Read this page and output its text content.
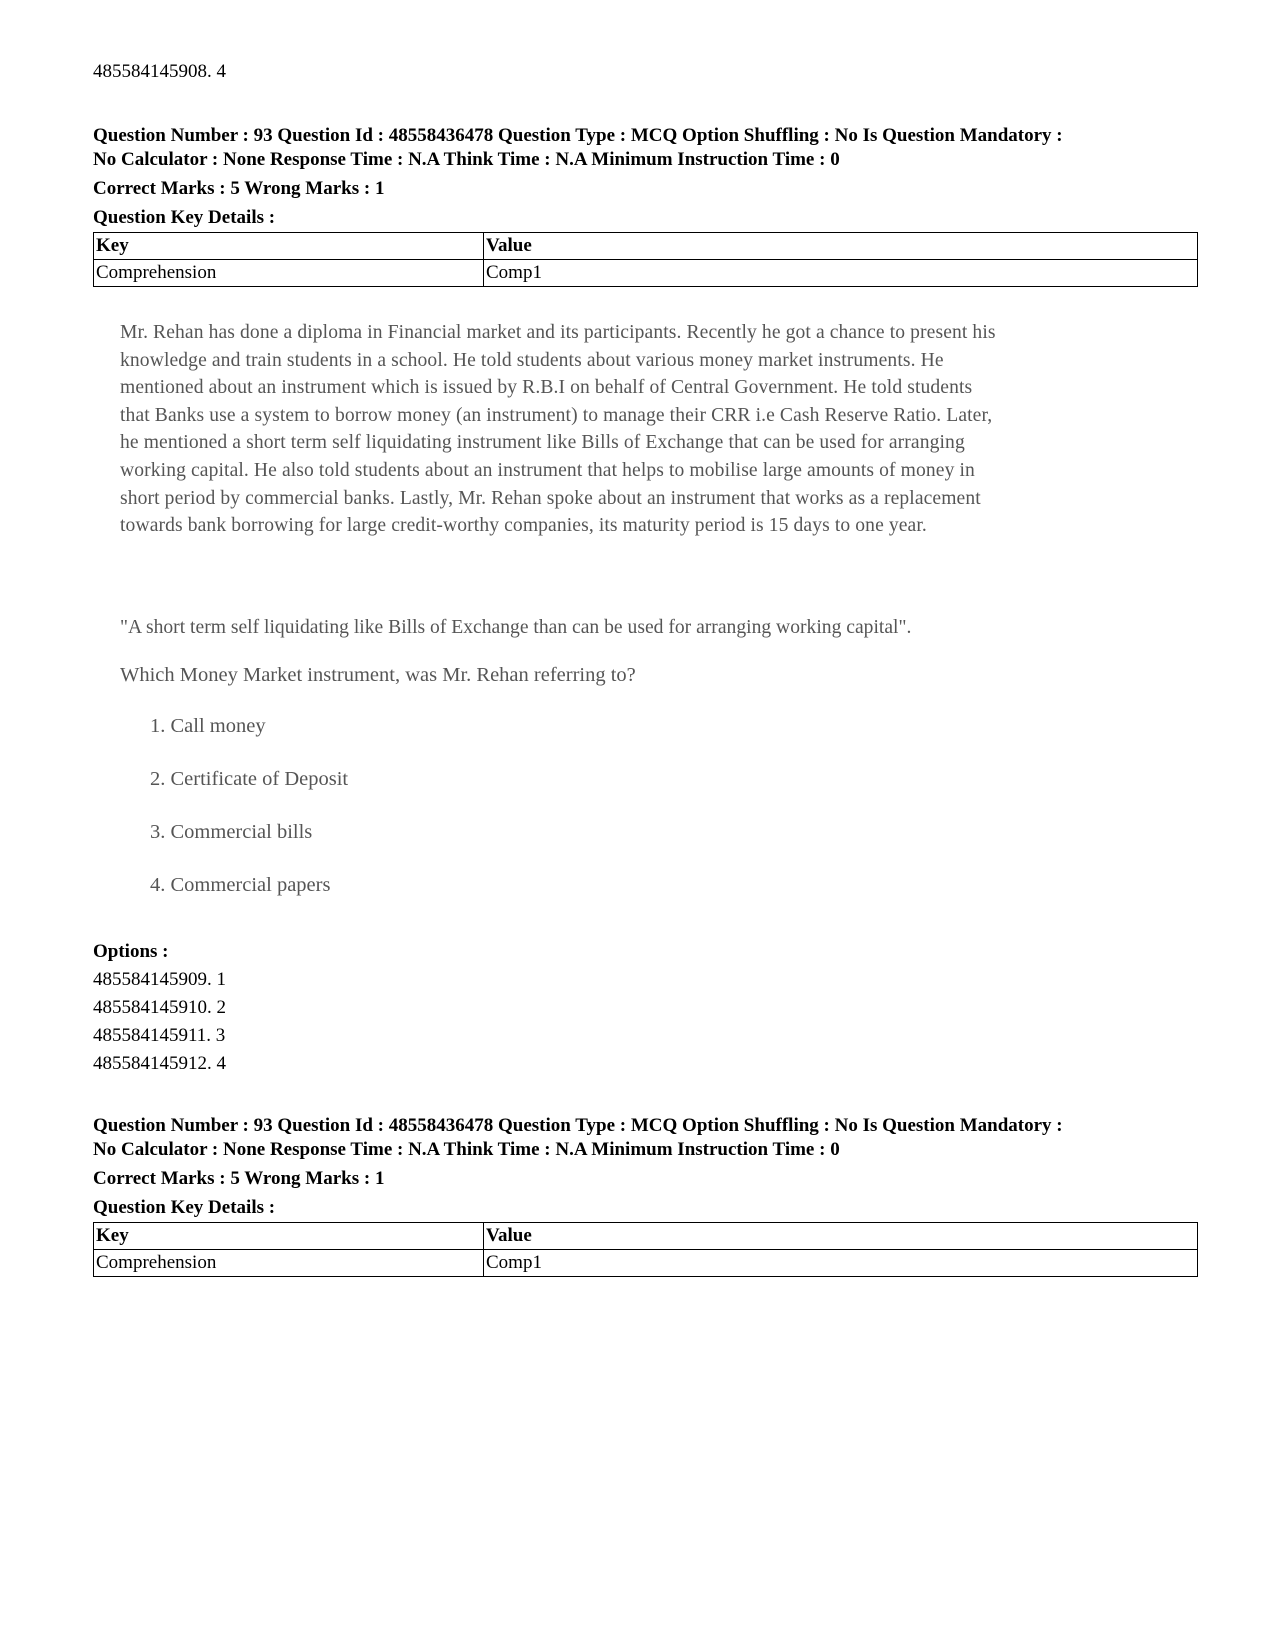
485584145908. 4

Question Number : 93 Question Id : 48558436478 Question Type : MCQ Option Shuffling : No Is Question Mandatory :
No Calculator : None Response Time : N.A Think Time : N.A Minimum Instruction Time : 0

Correct Marks : 5 Wrong Marks : 1

Question Key Details :

Key	Value
Comprehension	Comp1

Mr. Rehan has done a diploma in Financial market and its participants. Recently he got a chance to present his
knowledge and train students in a school. He told students about various money market instruments. He
mentioned about an instrument which is issued by R.B.I on behalf of Central Government. He told students
that Banks use a system to borrow money (an instrument) to manage their CRR i.e Cash Reserve Ratio. Later,
he mentioned a short term self liquidating instrument like Bills of Exchange that can be used for arranging
working capital. He also told students about an instrument that helps to mobilise large amounts of money in
short period by commercial banks. Lastly, Mr. Rehan spoke about an instrument that works as a replacement
towards bank borrowing for large credit-worthy companies, its maturity period is 15 days to one year.

"A short term self liquidating like Bills of Exchange than can be used for arranging working capital".

Which Money Market instrument, was Mr. Rehan referring to?

1. Call money
2. Certificate of Deposit
3. Commercial bills
4. Commercial papers
Options :
485584145909. 1
485584145910. 2
485584145911. 3
485584145912. 4

Question Number : 93 Question Id : 48558436478 Question Type : MCQ Option Shuffling : No Is Question Mandatory :
No Calculator : None Response Time : N.A Think Time : N.A Minimum Instruction Time : 0

Correct Marks : 5 Wrong Marks : 1

Question Key Details :

Key	Value
Comprehension	Comp1
